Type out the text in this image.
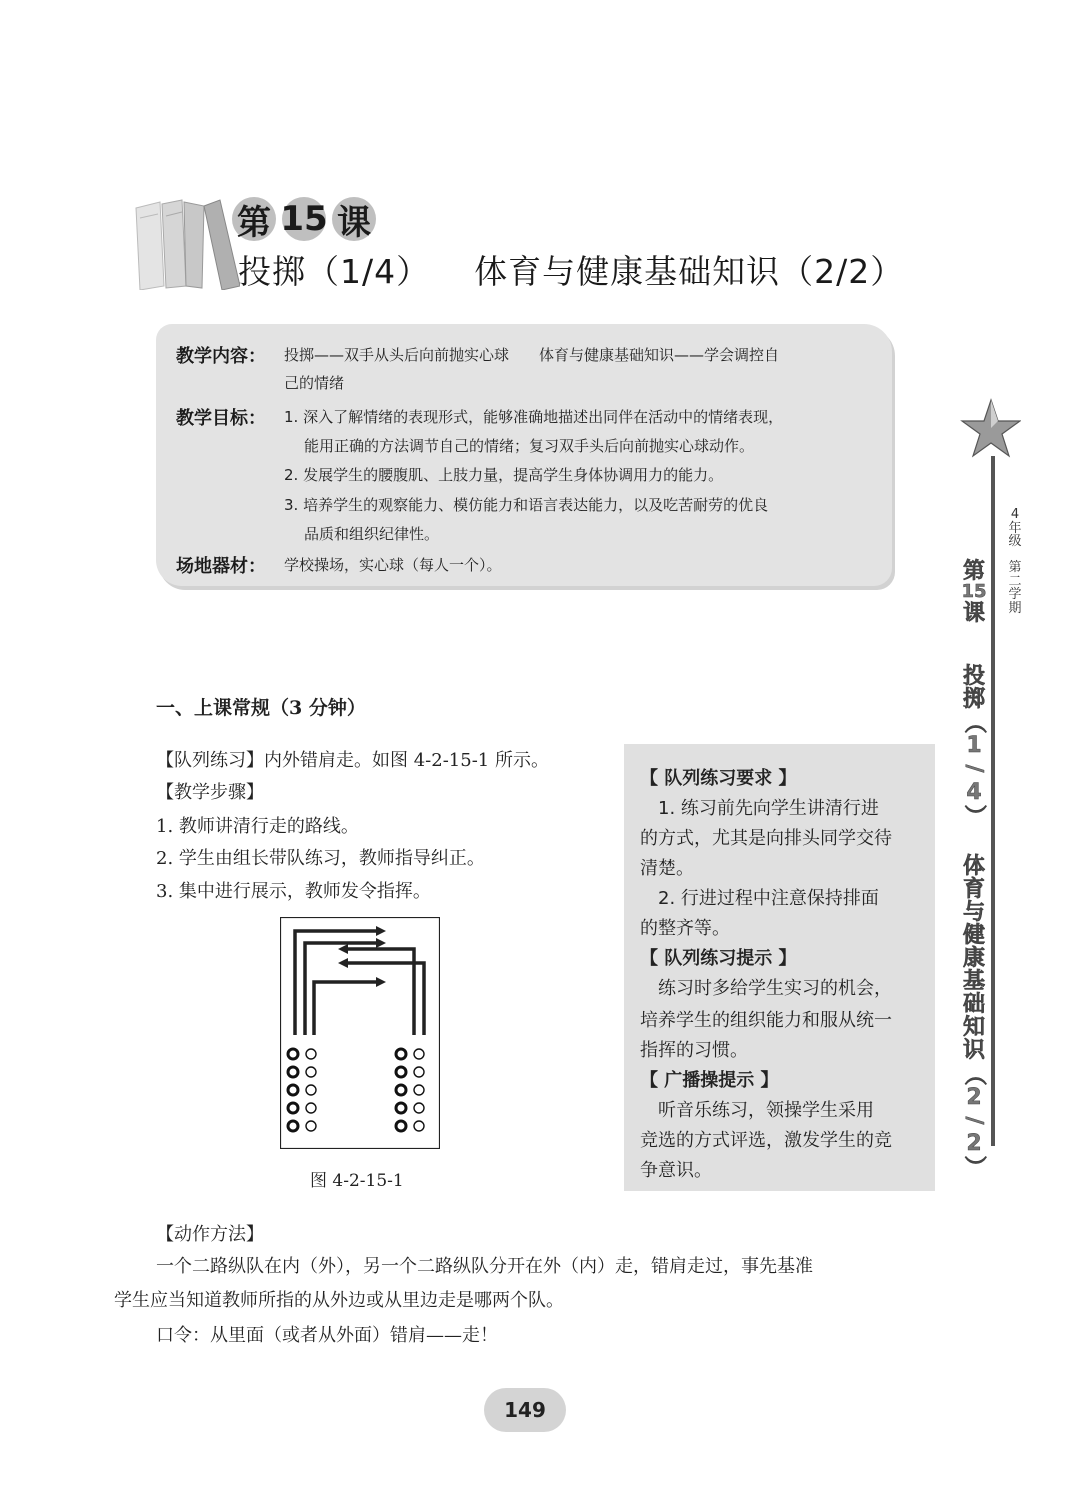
第 15 课
投掷（1/4） 体育与健康基础知识（2/2）
教学内容： 投掷——双手从头后向前抛实心球　　体育与健康基础知识——学会调控自
己的情绪
教学目标： 1. 深入了解情绪的表现形式，能够准确地描述出同伴在活动中的情绪表现，
能用正确的方法调节自己的情绪；复习双手头后向前抛实心球动作。
2. 发展学生的腰腹肌、上肢力量，提高学生身体协调用力的能力。
3. 培养学生的观察能力、模仿能力和语言表达能力，以及吃苦耐劳的优良
品质和组织纪律性。
场地器材： 学校操场，实心球（每人一个）。
一、上课常规（3 分钟）
【队列练习】内外错肩走。如图 4-2-15-1 所示。
【教学步骤】
1. 教师讲清行走的路线。
2. 学生由组长带队练习，教师指导纠正。
3. 集中进行展示，教师发令指挥。
图 4-2-15-1
【 队列练习要求 】
　1. 练习前先向学生讲清行进
的方式，尤其是向排头同学交待
清楚。
　2. 行进过程中注意保持排面
的整齐等。
【 队列练习提示 】
　练习时多给学生实习的机会，
培养学生的组织能力和服从统一
指挥的习惯。
【 广播操提示 】
　听音乐练习，领操学生采用
竞选的方式评选，激发学生的竞
争意识。
【动作方法】
一个二路纵队在内（外），另一个二路纵队分开在外（内）走，错肩走过，事先基准
学生应当知道教师所指的从外边或从里边走是哪两个队。
口令：从里面（或者从外面）错肩——走！
4
年
级
第
二
学
期
第
15
课
投
掷
（
1
/
4
）
体
育
与
健
康
基
础
知
识
（
2
/
2
）
149
